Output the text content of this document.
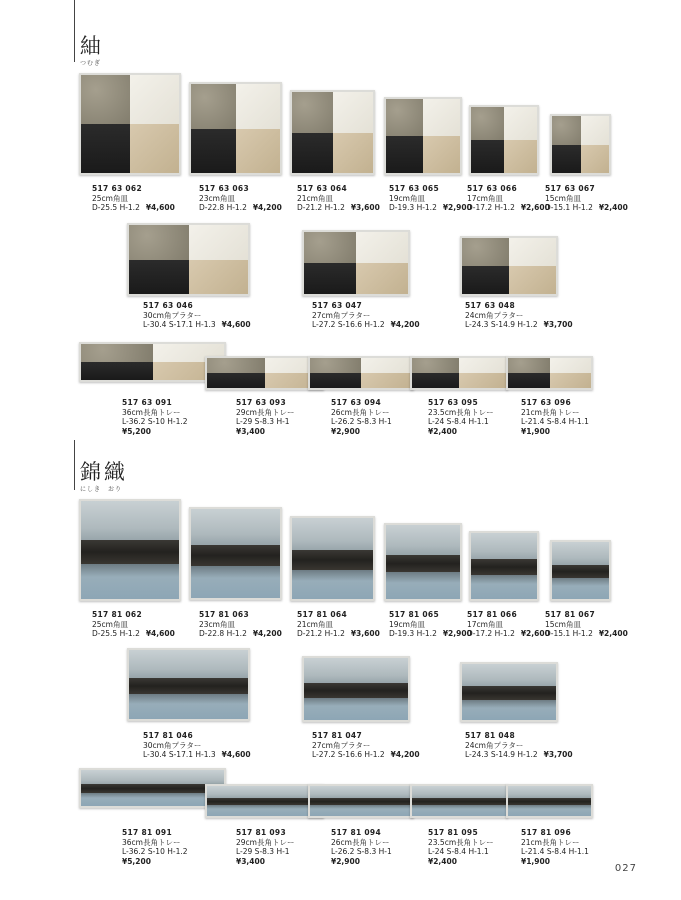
紬
つむぎ
錦織
にしき　おり
517 63 062
25cm角皿
D-25.5 H-1.2 ¥4,600
517 63 063
23cm角皿
D-22.8 H-1.2 ¥4,200
517 63 064
21cm角皿
D-21.2 H-1.2 ¥3,600
517 63 065
19cm角皿
D-19.3 H-1.2 ¥2,900
517 63 066
17cm角皿
D-17.2 H-1.2 ¥2,600
517 63 067
15cm角皿
D-15.1 H-1.2 ¥2,400
517 63 046
30cm角プラター
L-30.4 S-17.1 H-1.3 ¥4,600
517 63 047
27cm角プラター
L-27.2 S-16.6 H-1.2 ¥4,200
517 63 048
24cm角プラター
L-24.3 S-14.9 H-1.2 ¥3,700
517 63 091
36cm長角トレー
L-36.2 S-10 H-1.2
¥5,200
517 63 093
29cm長角トレー
L-29 S-8.3 H-1
¥3,400
517 63 094
26cm長角トレー
L-26.2 S-8.3 H-1
¥2,900
517 63 095
23.5cm長角トレー
L-24 S-8.4 H-1.1
¥2,400
517 63 096
21cm長角トレー
L-21.4 S-8.4 H-1.1
¥1,900
517 81 062
25cm角皿
D-25.5 H-1.2 ¥4,600
517 81 063
23cm角皿
D-22.8 H-1.2 ¥4,200
517 81 064
21cm角皿
D-21.2 H-1.2 ¥3,600
517 81 065
19cm角皿
D-19.3 H-1.2 ¥2,900
517 81 066
17cm角皿
D-17.2 H-1.2 ¥2,600
517 81 067
15cm角皿
D-15.1 H-1.2 ¥2,400
517 81 046
30cm角プラター
L-30.4 S-17.1 H-1.3 ¥4,600
517 81 047
27cm角プラター
L-27.2 S-16.6 H-1.2 ¥4,200
517 81 048
24cm角プラター
L-24.3 S-14.9 H-1.2 ¥3,700
517 81 091
36cm長角トレー
L-36.2 S-10 H-1.2
¥5,200
517 81 093
29cm長角トレー
L-29 S-8.3 H-1
¥3,400
517 81 094
26cm長角トレー
L-26.2 S-8.3 H-1
¥2,900
517 81 095
23.5cm長角トレー
L-24 S-8.4 H-1.1
¥2,400
517 81 096
21cm長角トレー
L-21.4 S-8.4 H-1.1
¥1,900
027
